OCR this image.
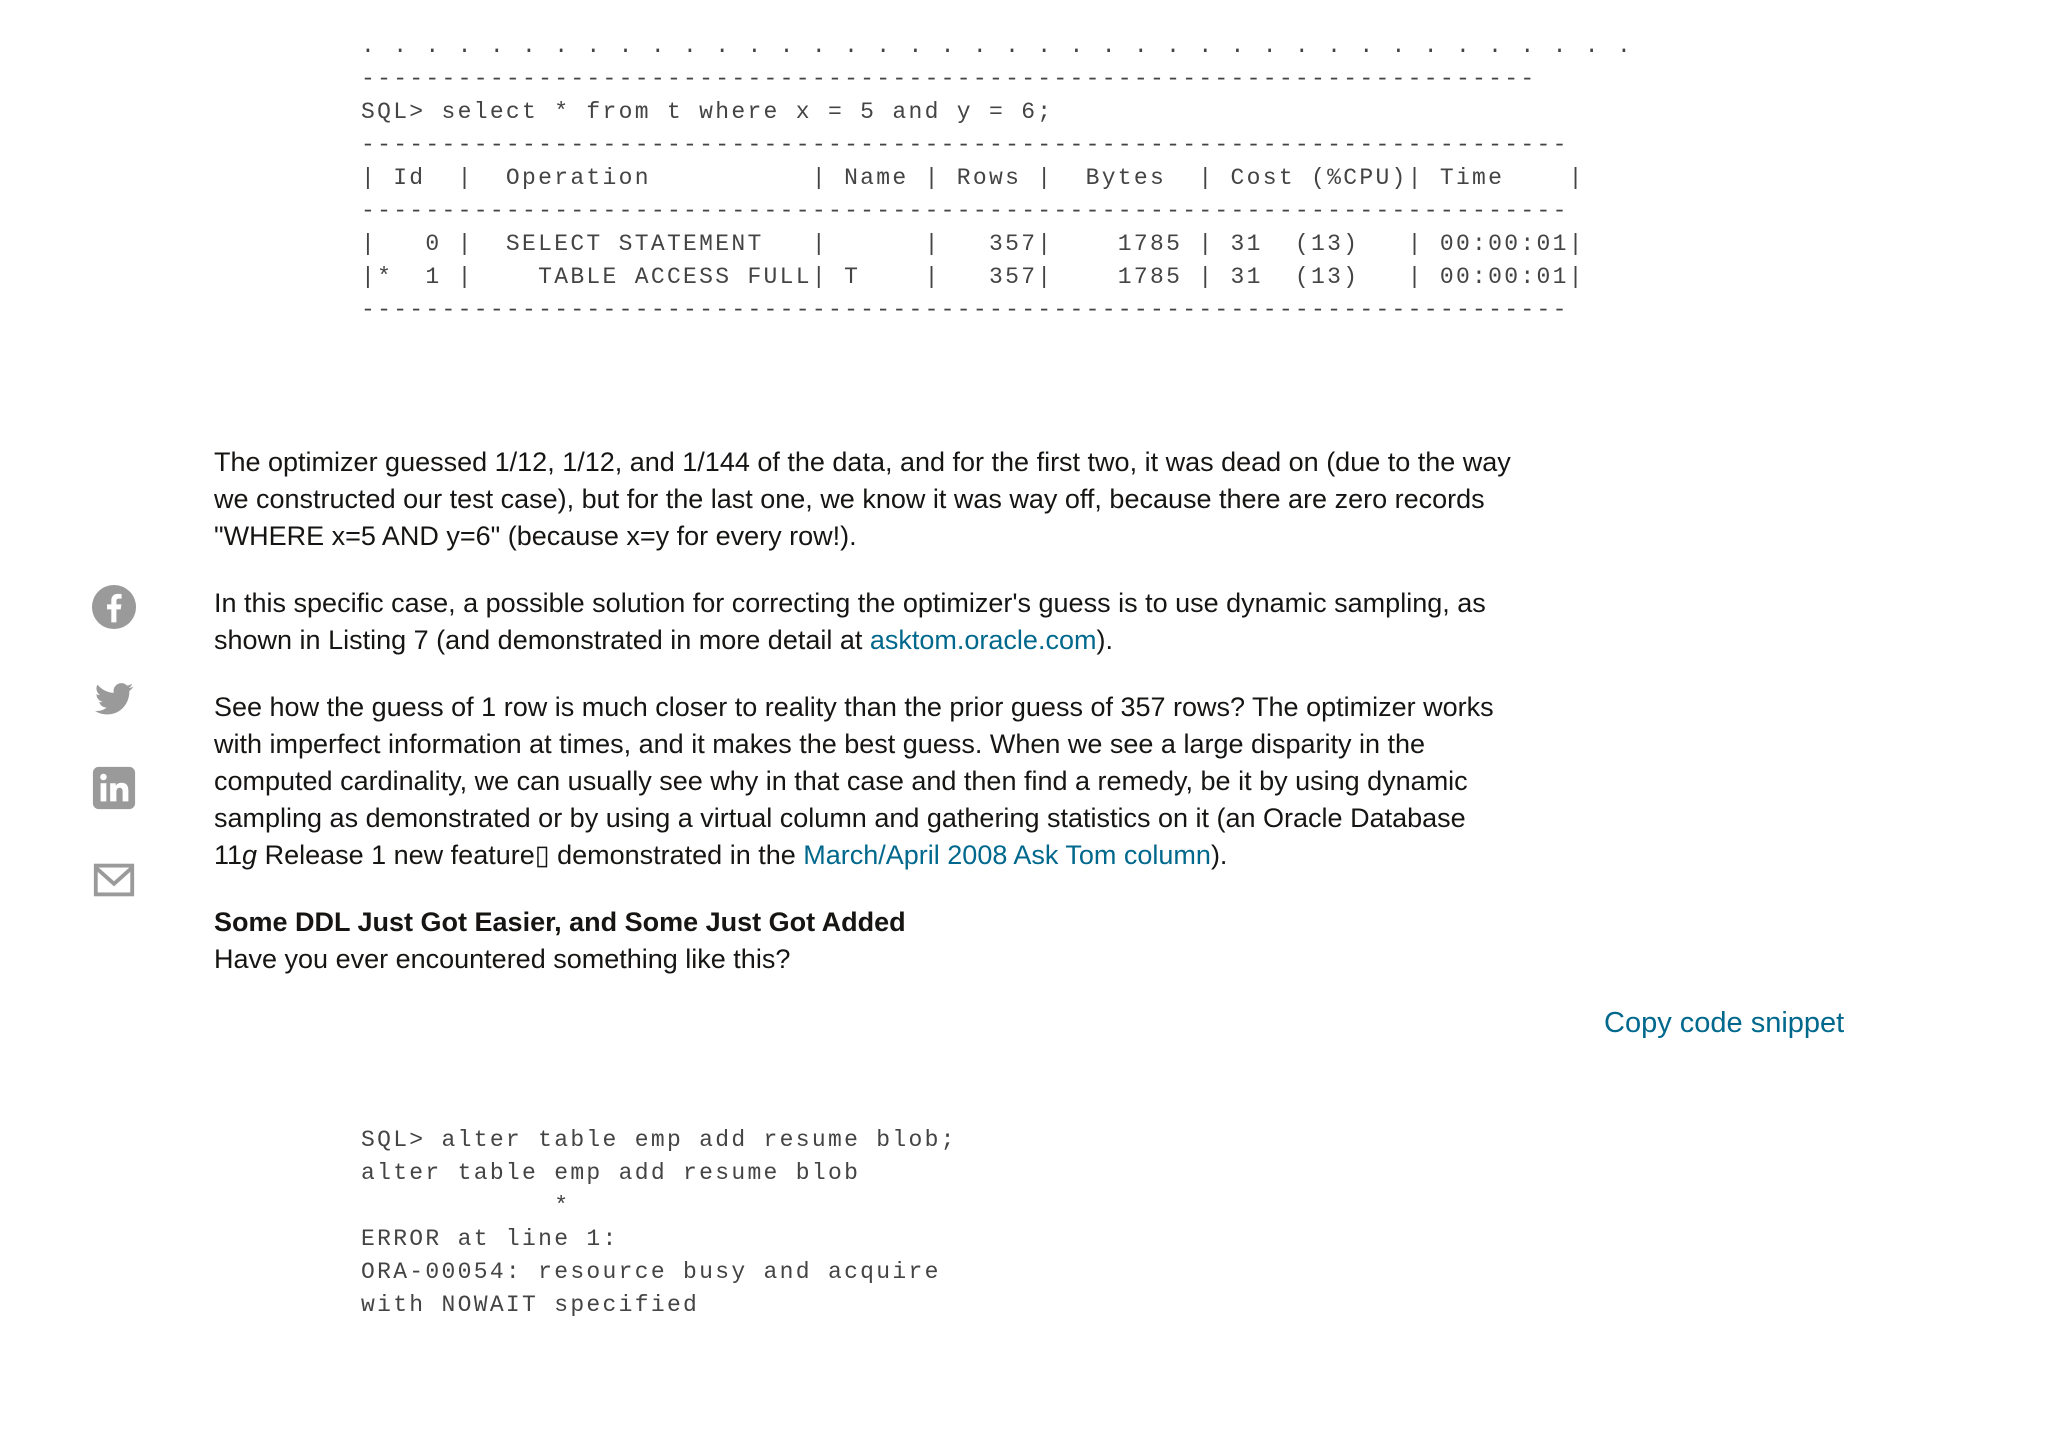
. . . . . . . . . . . . . . . . . . . . . . . . . . . . . . . . . . . . . . . .
-------------------------------------------------------------------------
SQL> select * from t where x = 5 and y = 6;
---------------------------------------------------------------------------
| Id  |  Operation          | Name | Rows |  Bytes  | Cost (%CPU)| Time    |
---------------------------------------------------------------------------
|   0 |  SELECT STATEMENT   |      |   357|    1785 | 31  (13)   | 00:00:01|
|*  1 |    TABLE ACCESS FULL| T    |   357|    1785 | 31  (13)   | 00:00:01|
---------------------------------------------------------------------------

The optimizer guessed 1/12, 1/12, and 1/144 of the data, and for the first two, it was dead on (due to the way we constructed our test case), but for the last one, we know it was way off, because there are zero records "WHERE x=5 AND y=6" (because x=y for every row!).

In this specific case, a possible solution for correcting the optimizer's guess is to use dynamic sampling, as shown in Listing 7 (and demonstrated in more detail at asktom.oracle.com).

See how the guess of 1 row is much closer to reality than the prior guess of 357 rows? The optimizer works with imperfect information at times, and it makes the best guess. When we see a large disparity in the computed cardinality, we can usually see why in that case and then find a remedy, be it by using dynamic sampling as demonstrated or by using a virtual column and gathering statistics on it (an Oracle Database 11g Release 1 new feature▯ demonstrated in the March/April 2008 Ask Tom column).

Some DDL Just Got Easier, and Some Just Got Added

Have you ever encountered something like this?

Copy code snippet
SQL> alter table emp add resume blob;
alter table emp add resume blob
*
ERROR at line 1:
ORA-00054: resource busy and acquire
with NOWAIT specified
